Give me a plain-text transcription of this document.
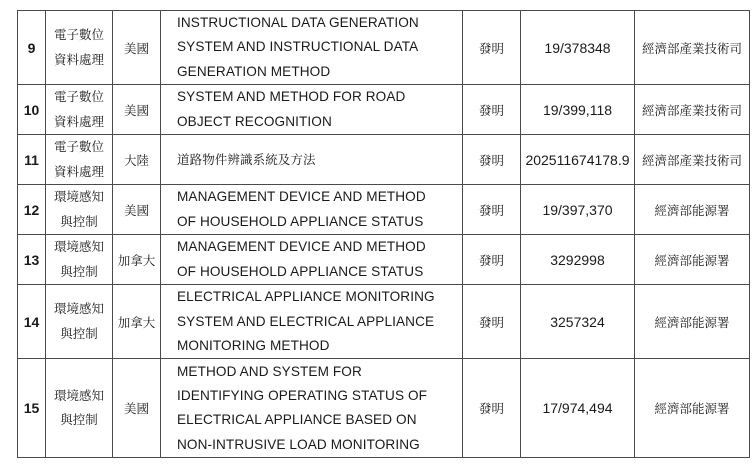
9	電子數位
資料處理	美國	INSTRUCTIONAL DATA GENERATION
SYSTEM AND INSTRUCTIONAL DATA
GENERATION METHOD	發明	19/378348	經濟部產業技術司
10	電子數位
資料處理	美國	SYSTEM AND METHOD FOR ROAD
OBJECT RECOGNITION	發明	19/399,118	經濟部產業技術司
11	電子數位
資料處理	大陸	道路物件辨識系統及方法	發明	202511674178.9	經濟部產業技術司
12	環境感知
與控制	美國	MANAGEMENT DEVICE AND METHOD
OF HOUSEHOLD APPLIANCE STATUS	發明	19/397,370	經濟部能源署
13	環境感知
與控制	加拿大	MANAGEMENT DEVICE AND METHOD
OF HOUSEHOLD APPLIANCE STATUS	發明	3292998	經濟部能源署
14	環境感知
與控制	加拿大	ELECTRICAL APPLIANCE MONITORING
SYSTEM AND ELECTRICAL APPLIANCE
MONITORING METHOD	發明	3257324	經濟部能源署
15	環境感知
與控制	美國	METHOD AND SYSTEM FOR
IDENTIFYING OPERATING STATUS OF
ELECTRICAL APPLIANCE BASED ON
NON-INTRUSIVE LOAD MONITORING	發明	17/974,494	經濟部能源署
